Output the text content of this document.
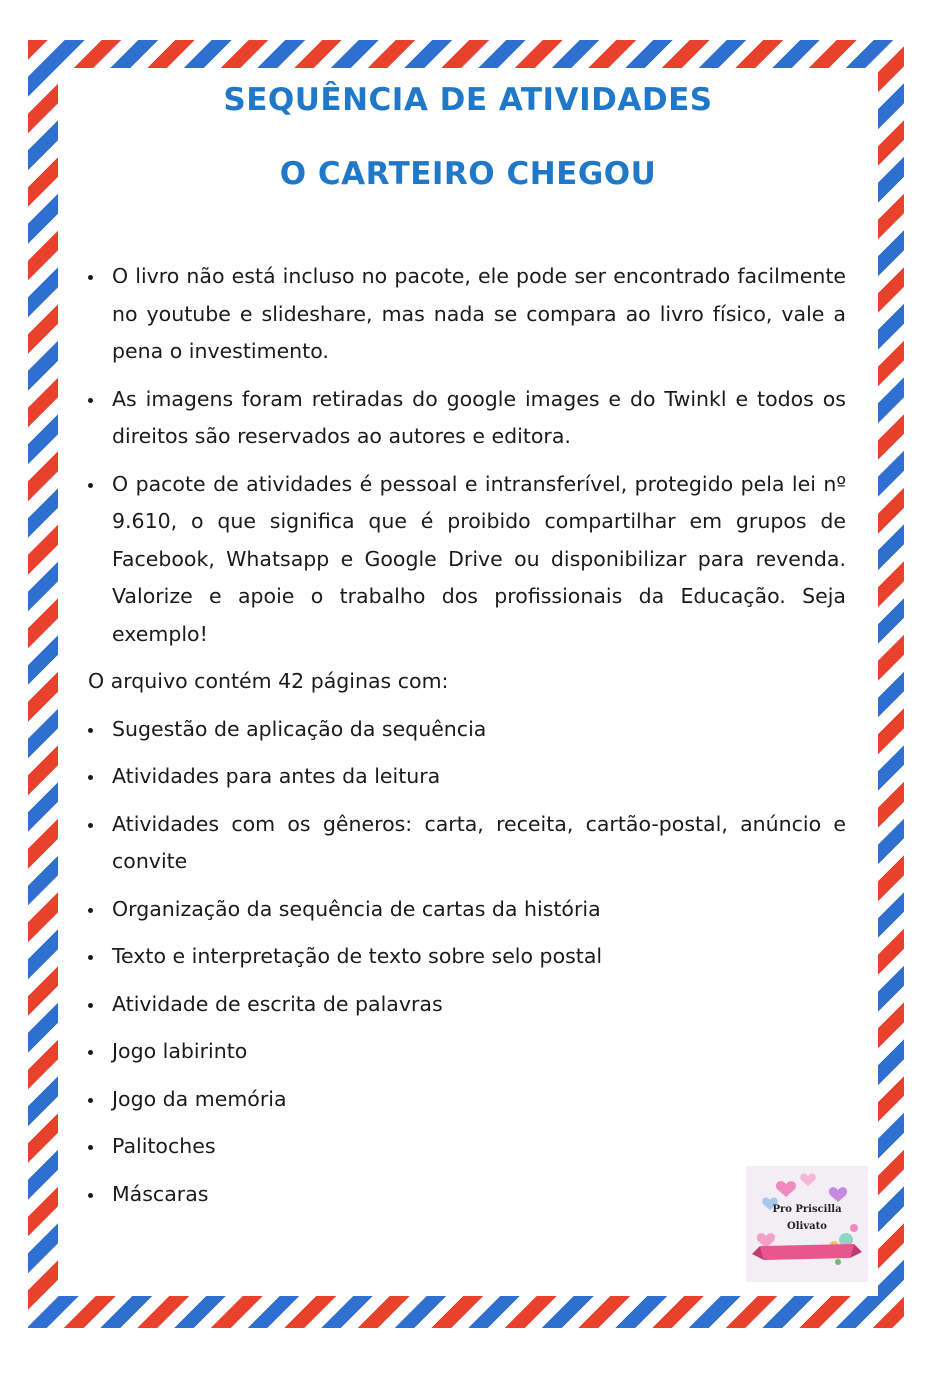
SEQUÊNCIA DE ATIVIDADES

O CARTEIRO CHEGOU

O livro não está incluso no pacote, ele pode ser encontrado facilmente no youtube e slideshare, mas nada se compara ao livro físico, vale a pena o investimento.
As imagens foram retiradas do google images e do Twinkl e todos os direitos são reservados ao autores e editora.
O pacote de atividades é pessoal e intransferível, protegido pela lei nº 9.610, o que significa que é proibido compartilhar em grupos de Facebook, Whatsapp e Google Drive ou disponibilizar para revenda. Valorize e apoie o trabalho dos profissionais da Educação. Seja exemplo!

O arquivo contém 42 páginas com:

Sugestão de aplicação da sequência
Atividades para antes da leitura
Atividades com os gêneros: carta, receita, cartão-postal, anúncio e convite
Organização da sequência de cartas da história
Texto e interpretação de texto sobre selo postal
Atividade de escrita de palavras
Jogo labirinto
Jogo da memória
Palitoches
Máscaras
Pro Priscilla
Olivato
